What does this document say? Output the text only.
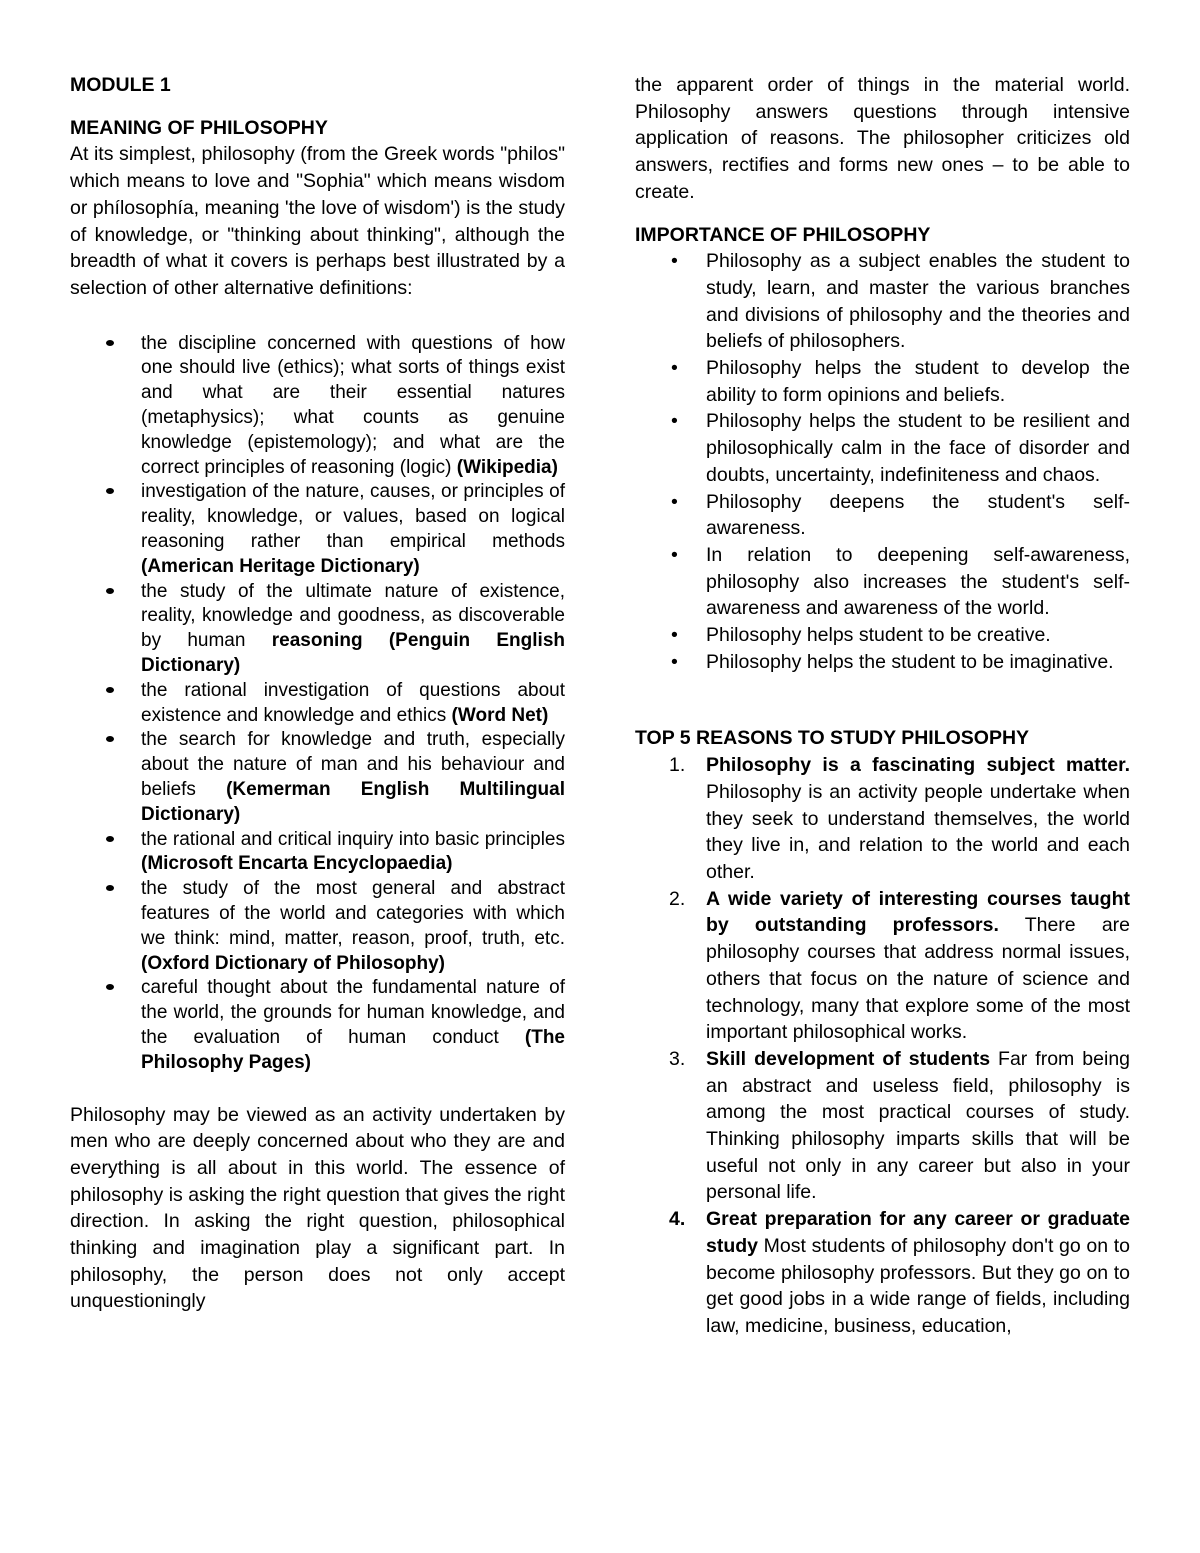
MODULE 1
MEANING OF PHILOSOPHY

At its simplest, philosophy (from the Greek words "philos" which means to love and "Sophia" which means wisdom or phílosophía, meaning 'the love of wisdom') is the study of knowledge, or "thinking about thinking", although the breadth of what it covers is perhaps best illustrated by a selection of other alternative definitions:

the discipline concerned with questions of how one should live (ethics); what sorts of things exist and what are their essential natures (metaphysics); what counts as genuine knowledge (epistemology); and what are the correct principles of reasoning (logic) (Wikipedia)
investigation of the nature, causes, or principles of reality, knowledge, or values, based on logical reasoning rather than empirical methods (American Heritage Dictionary)
the study of the ultimate nature of existence, reality, knowledge and goodness, as discoverable by human reasoning (Penguin English Dictionary)
the rational investigation of questions about existence and knowledge and ethics (Word Net)
the search for knowledge and truth, especially about the nature of man and his behaviour and beliefs (Kemerman English Multilingual Dictionary)
the rational and critical inquiry into basic principles (Microsoft Encarta Encyclopaedia)
the study of the most general and abstract features of the world and categories with which we think: mind, matter, reason, proof, truth, etc. (Oxford Dictionary of Philosophy)
careful thought about the fundamental nature of the world, the grounds for human knowledge, and the evaluation of human conduct (The Philosophy Pages)

Philosophy may be viewed as an activity undertaken by men who are deeply concerned about who they are and everything is all about in this world. The essence of philosophy is asking the right question that gives the right direction. In asking the right question, philosophical thinking and imagination play a significant part. In philosophy, the person does not only accept unquestioningly

the apparent order of things in the material world. Philosophy answers questions through intensive application of reasons. The philosopher criticizes old answers, rectifies and forms new ones – to be able to create.

IMPORTANCE OF PHILOSOPHY
• Philosophy as a subject enables the student to study, learn, and master the various branches and divisions of philosophy and the theories and beliefs of philosophers.
• Philosophy helps the student to develop the ability to form opinions and beliefs.
• Philosophy helps the student to be resilient and philosophically calm in the face of disorder and doubts, uncertainty, indefiniteness and chaos.
• Philosophy deepens the student's self-awareness.
• In relation to deepening self-awareness, philosophy also increases the student's self-awareness and awareness of the world.
• Philosophy helps student to be creative.
• Philosophy helps the student to be imaginative.
TOP 5 REASONS TO STUDY PHILOSOPHY
1. Philosophy is a fascinating subject matter. Philosophy is an activity people undertake when they seek to understand themselves, the world they live in, and relation to the world and each other.
2. A wide variety of interesting courses taught by outstanding professors. There are philosophy courses that address normal issues, others that focus on the nature of science and technology, many that explore some of the most important philosophical works.
3. Skill development of students Far from being an abstract and useless field, philosophy is among the most practical courses of study. Thinking philosophy imparts skills that will be useful not only in any career but also in your personal life.
4. Great preparation for any career or graduate study Most students of philosophy don't go on to become philosophy professors. But they go on to get good jobs in a wide range of fields, including law, medicine, business, education,
